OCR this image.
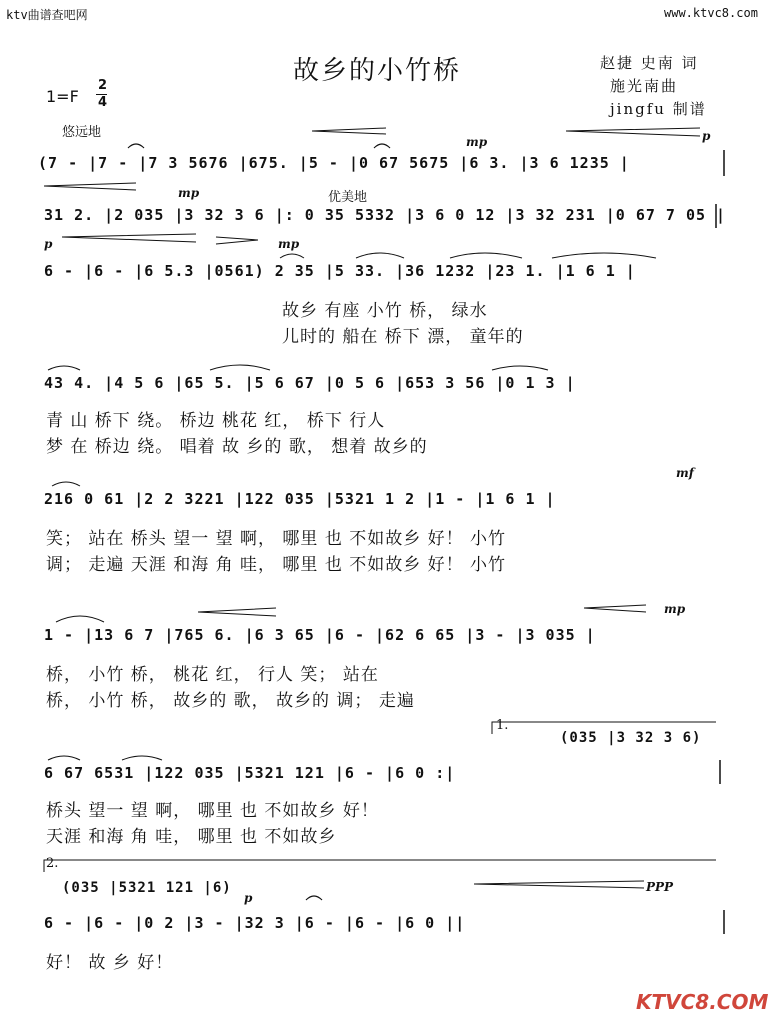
ktv曲谱查吧网	www.ktvc8.com
故乡的小竹桥	赵捷 史南 词
施光南曲
jingfu 制谱
1=F
2
4
悠远地
优美地
mp	p
mp
p	mp
mf
mp
p
PPP
(7 - |7 - |7 3 5676 |675. |5 - |0 67 5675 |6 3. |3 6 1235 |
31 2. |2 035 |3 32 3 6 |: 0 35 5332 |3 6 0 12 |3 32 231 |0 67 7 05 |
6 - |6 - |6 5.3 |0561) 2 35 |5 33. |36 1232 |23 1. |1 6 1 |
故乡 有座 小竹 桥， 绿水
儿时的 船在 桥下 漂， 童年的
43 4. |4 5 6 |65 5. |5 6 67 |0 5 6 |653 3 56 |0 1 3 |
青 山 桥下 绕。 桥边 桃花 红， 桥下 行人
梦 在 桥边 绕。 唱着 故 乡的 歌， 想着 故乡的
216 0 61 |2 2 3221 |122 035 |5321 1 2 |1 - |1 6 1 |
笑； 站在 桥头 望一 望 啊， 哪里 也 不如故乡 好！ 小竹
调； 走遍 天涯 和海 角 哇， 哪里 也 不如故乡 好！ 小竹
1 - |13 6 7 |765 6. |6 3 65 |6 - |62 6 65 |3 - |3 035 |
桥， 小竹 桥， 桃花 红， 行人 笑； 站在
桥， 小竹 桥， 故乡的 歌， 故乡的 调； 走遍
(035 |3 32 3 6)
1.
6 67 6531 |122 035 |5321 121 |6 - |6 0 :|
桥头 望一 望 啊， 哪里 也 不如故乡 好！
天涯 和海 角 哇， 哪里 也 不如故乡
2.
(035 |5321 121 |6)
6 - |6 - |0 2 |3 - |32 3 |6 - |6 - |6 0 ||
好！ 故 乡 好！
KTVC8.COM
